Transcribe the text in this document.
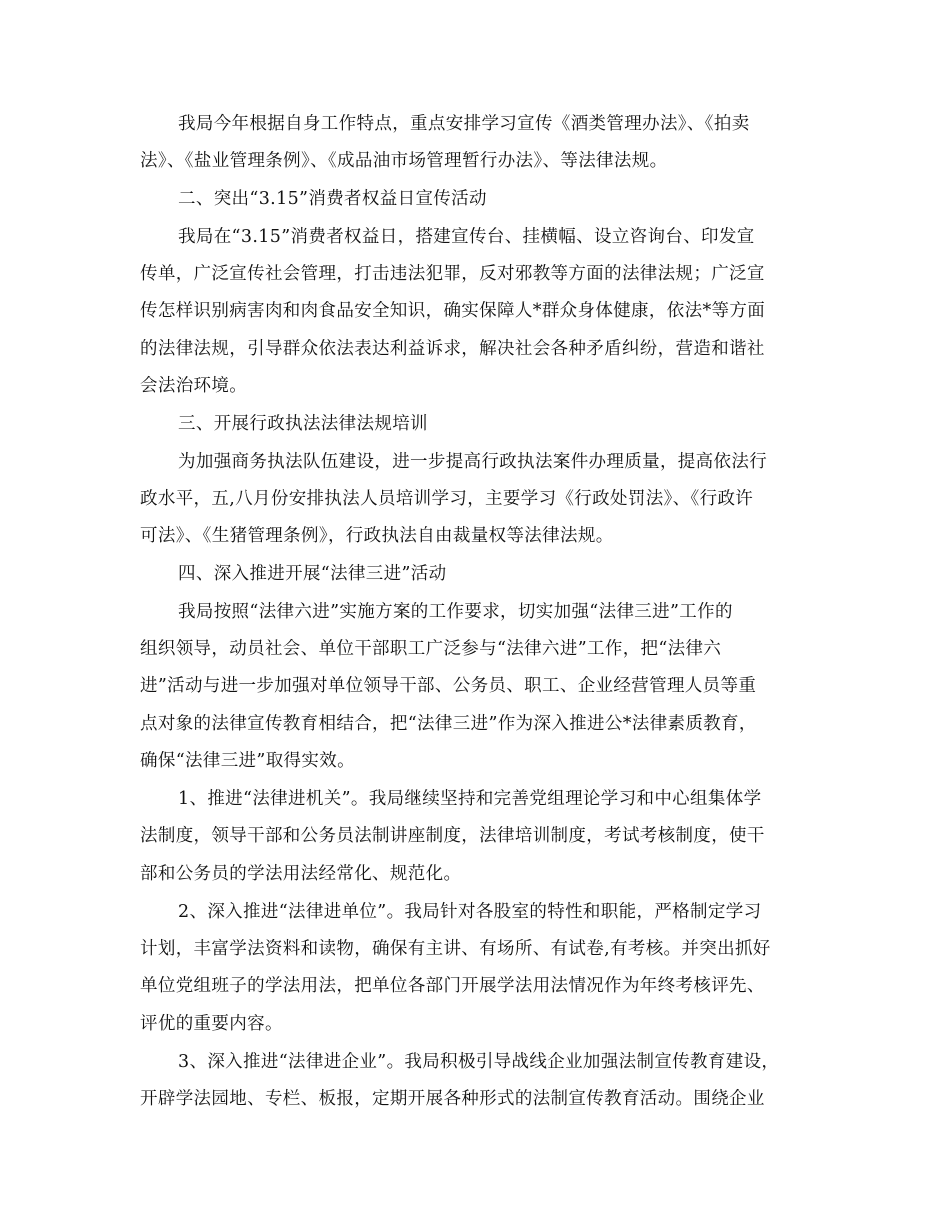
我局今年根据自身工作特点，重点安排学习宣传《酒类管理办法》、《拍卖
法》、《盐业管理条例》、《成品油市场管理暂行办法》、等法律法规。
二、突出“3.15”消费者权益日宣传活动
我局在“3.15”消费者权益日，搭建宣传台、挂横幅、设立咨询台、印发宣
传单，广泛宣传社会管理，打击违法犯罪，反对邪教等方面的法律法规；广泛宣
传怎样识别病害肉和肉食品安全知识，确实保障人*群众身体健康，依法*等方面
的法律法规，引导群众依法表达利益诉求，解决社会各种矛盾纠纷，营造和谐社
会法治环境。
三、开展行政执法法律法规培训
为加强商务执法队伍建设，进一步提高行政执法案件办理质量，提高依法行
政水平，五,八月份安排执法人员培训学习，主要学习《行政处罚法》、《行政许
可法》、《生猪管理条例》，行政执法自由裁量权等法律法规。
四、深入推进开展“法律三进”活动
我局按照“法律六进”实施方案的工作要求，切实加强“法律三进”工作的
组织领导，动员社会、单位干部职工广泛参与“法律六进”工作，把“法律六
进”活动与进一步加强对单位领导干部、公务员、职工、企业经营管理人员等重
点对象的法律宣传教育相结合，把“法律三进”作为深入推进公*法律素质教育，
确保“法律三进”取得实效。
1、推进“法律进机关”。我局继续坚持和完善党组理论学习和中心组集体学
法制度，领导干部和公务员法制讲座制度，法律培训制度，考试考核制度，使干
部和公务员的学法用法经常化、规范化。
2、深入推进“法律进单位”。我局针对各股室的特性和职能，严格制定学习
计划，丰富学法资料和读物，确保有主讲、有场所、有试卷,有考核。并突出抓好
单位党组班子的学法用法，把单位各部门开展学法用法情况作为年终考核评先、
评优的重要内容。
3、深入推进“法律进企业”。我局积极引导战线企业加强法制宣传教育建设，
开辟学法园地、专栏、板报，定期开展各种形式的法制宣传教育活动。围绕企业
